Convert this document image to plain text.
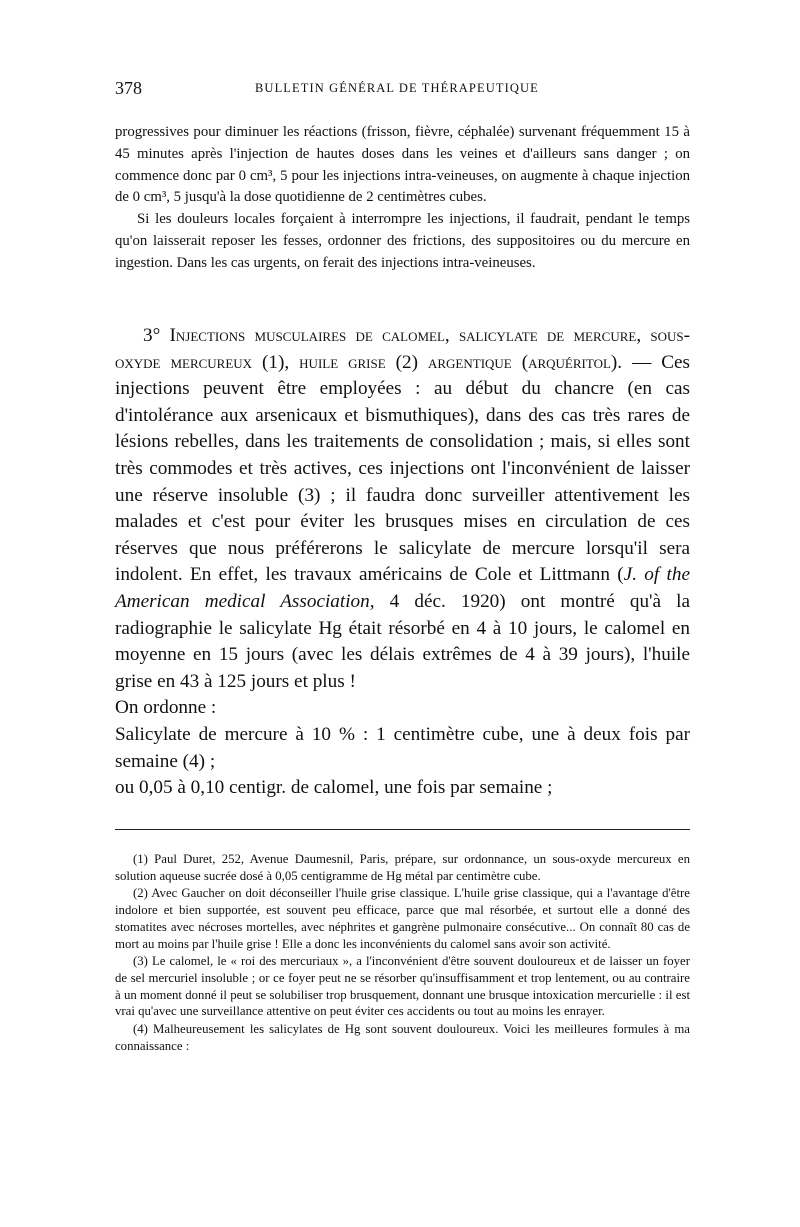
378	BULLETIN GÉNÉRAL DE THÉRAPEUTIQUE

progressives pour diminuer les réactions (frisson, fièvre, céphalée) survenant fréquemment 15 à 45 minutes après l'injection de hautes doses dans les veines et d'ailleurs sans danger ; on commence donc par 0 cm³, 5 pour les injections intra-veineuses, on augmente à chaque injection de 0 cm³, 5 jusqu'à la dose quotidienne de 2 centimètres cubes.

Si les douleurs locales forçaient à interrompre les injections, il faudrait, pendant le temps qu'on laisserait reposer les fesses, ordonner des frictions, des suppositoires ou du mercure en ingestion. Dans les cas urgents, on ferait des injections intra-veineuses.

3° Injections musculaires de calomel, salicylate de mercure, sous-oxyde mercureux (1), huile grise (2) argentique (arquéritol). — Ces injections peuvent être employées : au début du chancre (en cas d'intolérance aux arsenicaux et bismuthiques), dans des cas très rares de lésions rebelles, dans les traitements de consolidation ; mais, si elles sont très commodes et très actives, ces injections ont l'inconvénient de laisser une réserve insoluble (3) ; il faudra donc surveiller attentivement les malades et c'est pour éviter les brusques mises en circulation de ces réserves que nous préférerons le salicylate de mercure lorsqu'il sera indolent. En effet, les travaux américains de Cole et Littmann (J. of the American medical Association, 4 déc. 1920) ont montré qu'à la radiographie le salicylate Hg était résorbé en 4 à 10 jours, le calomel en moyenne en 15 jours (avec les délais extrêmes de 4 à 39 jours), l'huile grise en 43 à 125 jours et plus !

On ordonne :

Salicylate de mercure à 10 % : 1 centimètre cube, une à deux fois par semaine (4) ;

ou 0,05 à 0,10 centigr. de calomel, une fois par semaine ;

(1) Paul Duret, 252, Avenue Daumesnil, Paris, prépare, sur ordonnance, un sous-oxyde mercureux en solution aqueuse sucrée dosé à 0,05 centigramme de Hg métal par centimètre cube.

(2) Avec Gaucher on doit déconseiller l'huile grise classique. L'huile grise classique, qui a l'avantage d'être indolore et bien supportée, est souvent peu efficace, parce que mal résorbée, et surtout elle a donné des stomatites avec nécroses mortelles, avec néphrites et gangrène pulmonaire consécutive... On connaît 80 cas de mort au moins par l'huile grise ! Elle a donc les inconvénients du calomel sans avoir son activité.

(3) Le calomel, le « roi des mercuriaux », a l'inconvénient d'être souvent douloureux et de laisser un foyer de sel mercuriel insoluble ; or ce foyer peut ne se résorber qu'insuffisamment et trop lentement, ou au contraire à un moment donné il peut se solubiliser trop brusquement, donnant une brusque intoxication mercurielle : il est vrai qu'avec une surveillance attentive on peut éviter ces accidents ou tout au moins les enrayer.

(4) Malheureusement les salicylates de Hg sont souvent douloureux. Voici les meilleures formules à ma connaissance :
